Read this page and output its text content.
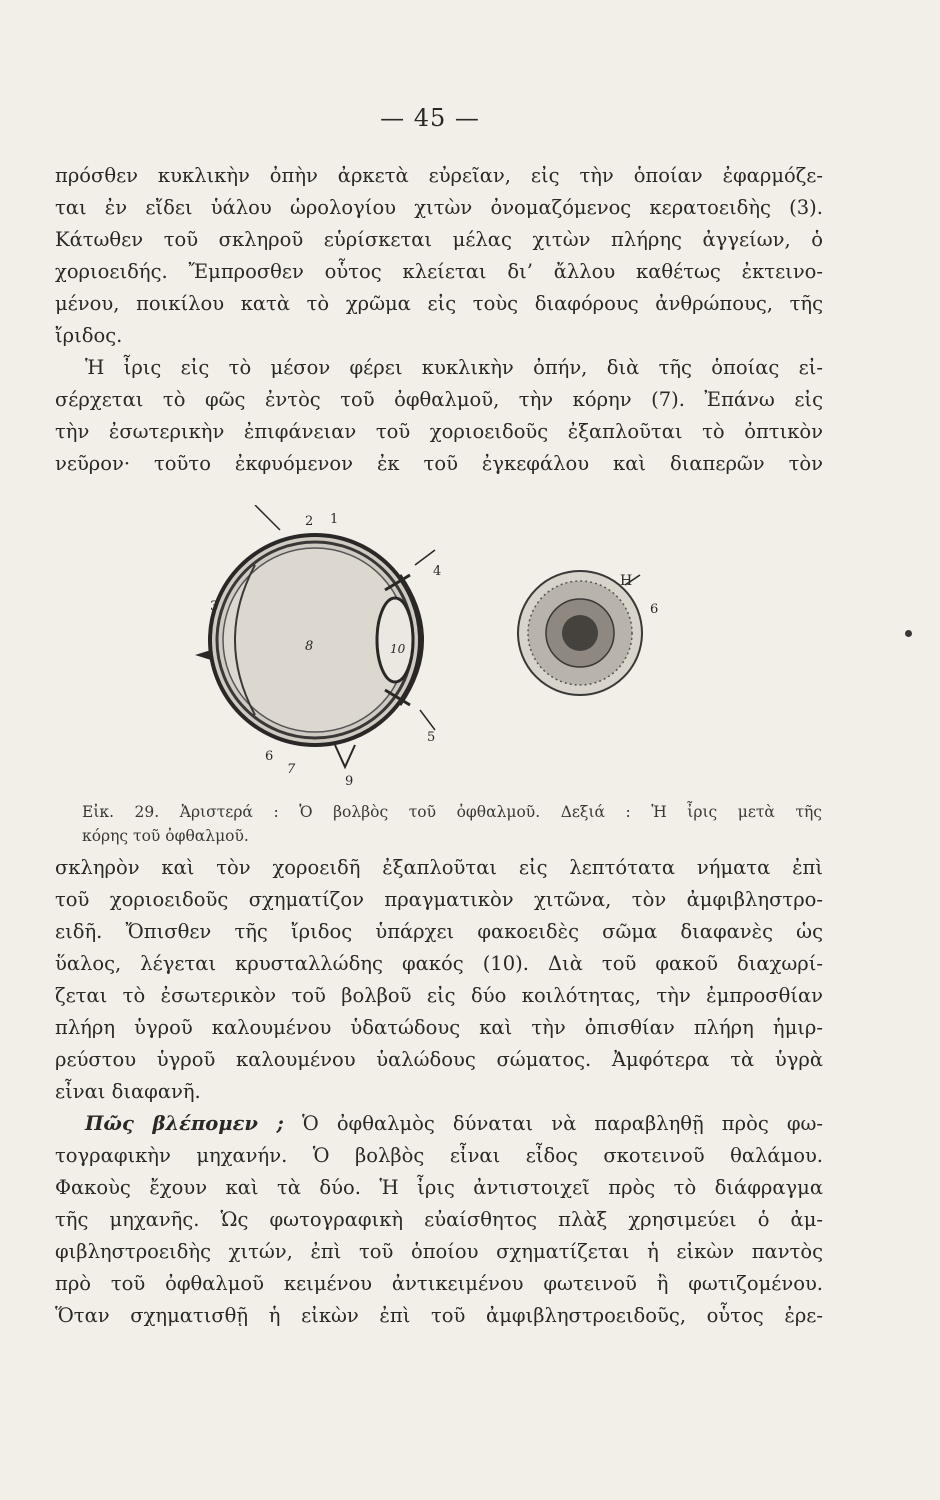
— 45 —
πρόσθεν κυκλικὴν ὀπὴν ἀρκετὰ εὐρεῖαν, εἰς τὴν ὁποίαν ἐφαρμόζε-
ται ἐν εἴδει ὑάλου ὡρολογίου χιτὼν ὀνομαζόμενος κερατοειδὴς (3).
Κάτωθεν τοῦ σκληροῦ εὑρίσκεται μέλας χιτὼν πλήρης ἀγγείων, ὁ
χοριοειδής. Ἔμπροσθεν οὗτος κλείεται δι’ ἄλλου καθέτως ἐκτεινο-
μένου, ποικίλου κατὰ τὸ χρῶμα εἰς τοὺς διαφόρους ἀνθρώπους, τῆς
ἴριδος.
Ἡ ἶρις εἰς τὸ μέσον φέρει κυκλικὴν ὀπήν, διὰ τῆς ὁποίας εἰ-
σέρχεται τὸ φῶς ἐντὸς τοῦ ὀφθαλμοῦ, τὴν κόρην (7). Ἐπάνω εἰς
τὴν ἐσωτερικὴν ἐπιφάνειαν τοῦ χοριοειδοῦς ἐξαπλοῦται τὸ ὀπτικὸν
νεῦρον· τοῦτο ἐκφυόμενον ἐκ τοῦ ἐγκεφάλου καὶ διαπερῶν τὸν
2 1
4
3
8	10
5
6
7
9
H
6
Εἰκ. 29. Ἀριστερά : Ὁ βολβὸς τοῦ ὀφθαλμοῦ. Δεξιά : Ἡ ἶρις μετὰ τῆς
κόρης τοῦ ὀφθαλμοῦ.
σκληρὸν καὶ τὸν χοροειδῆ ἐξαπλοῦται εἰς λεπτότατα νήματα ἐπὶ
τοῦ χοριοειδοῦς σχηματίζον πραγματικὸν χιτῶνα, τὸν ἀμφιβληστρο-
ειδῆ. Ὄπισθεν τῆς ἴριδος ὑπάρχει φακοειδὲς σῶμα διαφανὲς ὡς
ὕαλος, λέγεται κρυσταλλώδης φακός (10). Διὰ τοῦ φακοῦ διαχωρί-
ζεται τὸ ἐσωτερικὸν τοῦ βολβοῦ εἰς δύο κοιλότητας, τὴν ἐμπροσθίαν
πλήρη ὑγροῦ καλουμένου ὑδατώδους καὶ τὴν ὀπισθίαν πλήρη ἡμιρ-
ρεύστου ὑγροῦ καλουμένου ὑαλώδους σώματος. Ἀμφότερα τὰ ὑγρὰ
εἶναι διαφανῆ.
Πῶς βλέπομεν ; Ὁ ὀφθαλμὸς δύναται νὰ παραβληθῇ πρὸς φω-
τογραφικὴν μηχανήν. Ὁ βολβὸς εἶναι εἶδος σκοτεινοῦ θαλάμου.
Φακοὺς ἔχουν καὶ τὰ δύο. Ἡ ἶρις ἀντιστοιχεῖ πρὸς τὸ διάφραγμα
τῆς μηχανῆς. Ὡς φωτογραφικὴ εὐαίσθητος πλὰξ χρησιμεύει ὁ ἀμ-
φιβληστροειδὴς χιτών, ἐπὶ τοῦ ὁποίου σχηματίζεται ἡ εἰκὼν παντὸς
πρὸ τοῦ ὀφθαλμοῦ κειμένου ἀντικειμένου φωτεινοῦ ἢ φωτιζομένου.
Ὅταν σχηματισθῇ ἡ εἰκὼν ἐπὶ τοῦ ἀμφιβληστροειδοῦς, οὗτος ἐρε-
